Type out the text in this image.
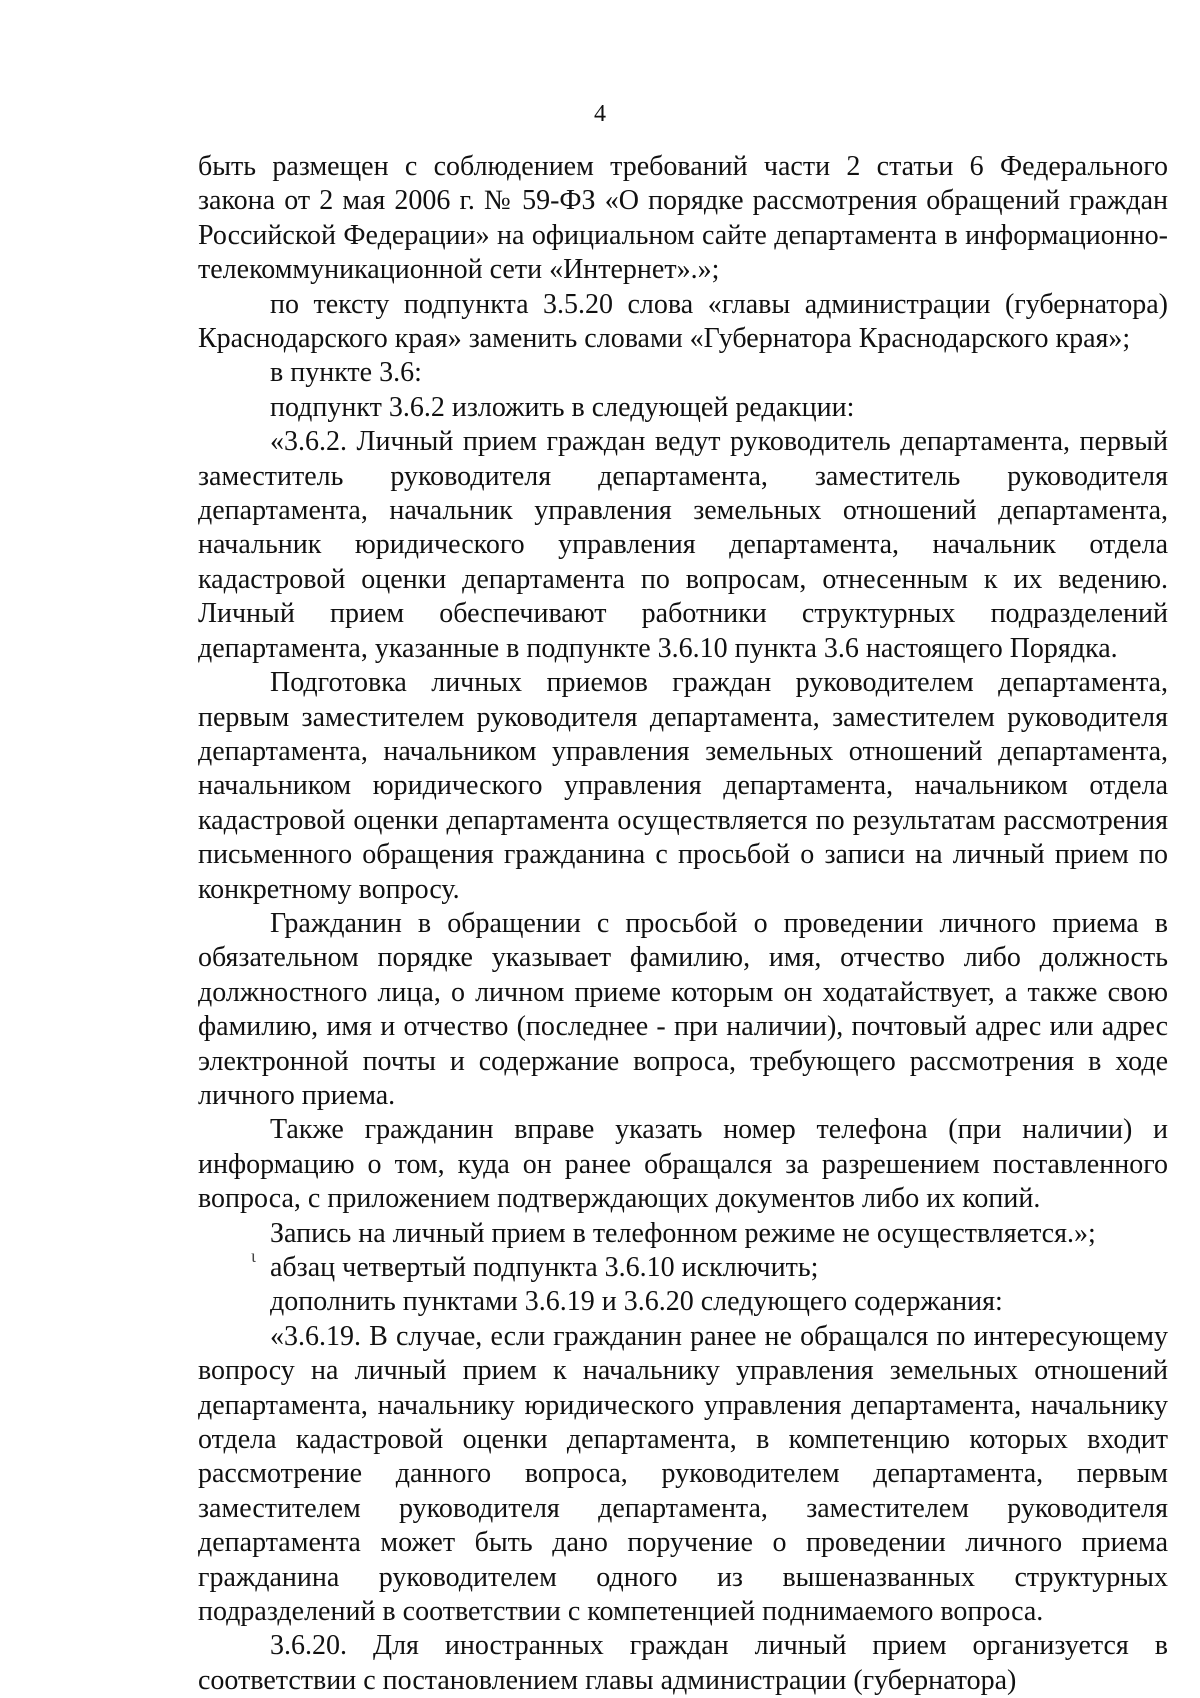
4

быть размещен с соблюдением требований части 2 статьи 6 Федерального закона от 2 мая 2006 г. № 59-ФЗ «О порядке рассмотрения обращений граждан Российской Федерации» на официальном сайте департамента в информационно-телекоммуникационной сети «Интернет».»;

по тексту подпункта 3.5.20 слова «главы администрации (губернатора) Краснодарского края» заменить словами «Губернатора Краснодарского края»;

в пункте 3.6:

подпункт 3.6.2 изложить в следующей редакции:

«3.6.2. Личный прием граждан ведут руководитель департамента, первый заместитель руководителя департамента, заместитель руководителя департамента, начальник управления земельных отношений департамента, начальник юридического управления департамента, начальник отдела кадастровой оценки департамента по вопросам, отнесенным к их ведению. Личный прием обеспечивают работники структурных подразделений департамента, указанные в подпункте 3.6.10 пункта 3.6 настоящего Порядка.

Подготовка личных приемов граждан руководителем департамента, первым заместителем руководителя департамента, заместителем руководителя департамента, начальником управления земельных отношений департамента, начальником юридического управления департамента, начальником отдела кадастровой оценки департамента осуществляется по результатам рассмотрения письменного обращения гражданина с просьбой о записи на личный прием по конкретному вопросу.

Гражданин в обращении с просьбой о проведении личного приема в обязательном порядке указывает фамилию, имя, отчество либо должность должностного лица, о личном приеме которым он ходатайствует, а также свою фамилию, имя и отчество (последнее - при наличии), почтовый адрес или адрес электронной почты и содержание вопроса, требующего рассмотрения в ходе личного приема.

Также гражданин вправе указать номер телефона (при наличии) и информацию о том, куда он ранее обращался за разрешением поставленного вопроса, с приложением подтверждающих документов либо их копий.

Запись на личный прием в телефонном режиме не осуществляется.»;

абзац четвертый подпункта 3.6.10 исключить;

дополнить пунктами 3.6.19 и 3.6.20 следующего содержания:

«3.6.19. В случае, если гражданин ранее не обращался по интересующему вопросу на личный прием к начальнику управления земельных отношений департамента, начальнику юридического управления департамента, начальнику отдела кадастровой оценки департамента, в компетенцию которых входит рассмотрение данного вопроса, руководителем департамента, первым заместителем руководителя департамента, заместителем руководителя департамента может быть дано поручение о проведении личного приема гражданина руководителем одного из вышеназванных структурных подразделений в соответствии с компетенцией поднимаемого вопроса.

3.6.20. Для иностранных граждан личный прием организуется в соответствии с постановлением главы администрации (губернатора)

ι
